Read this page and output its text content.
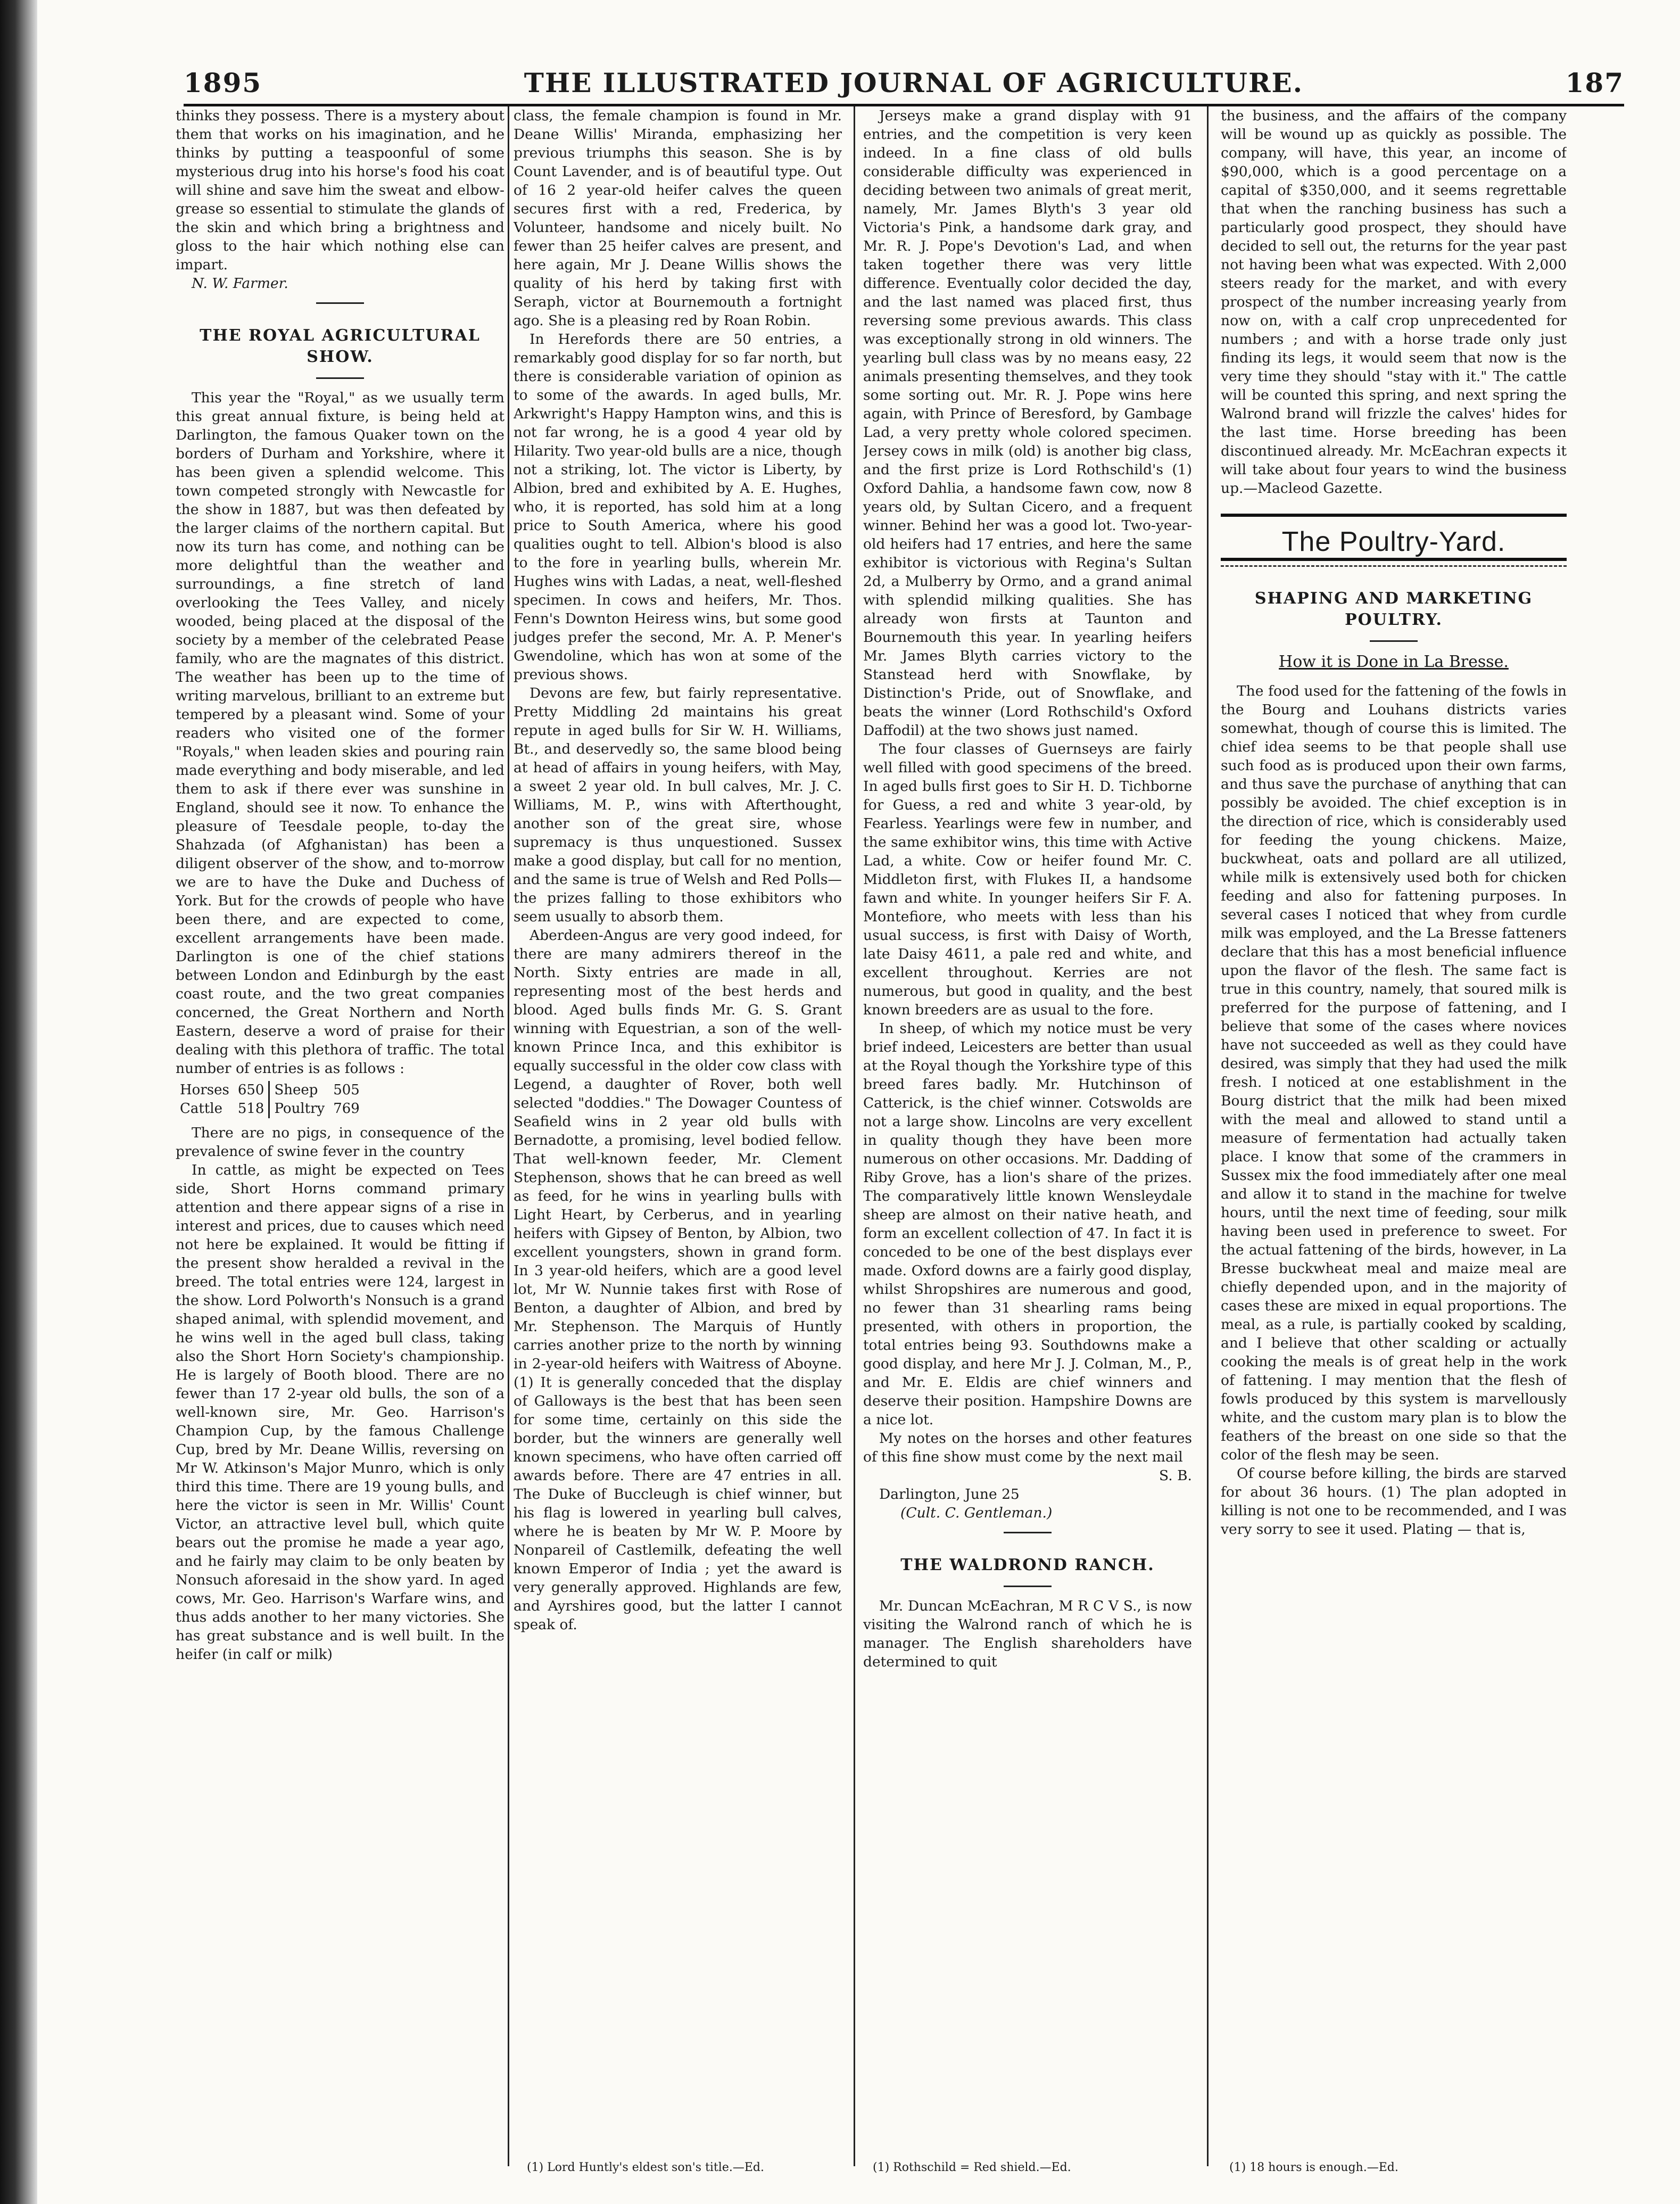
1895	THE ILLUSTRATED JOURNAL OF AGRICULTURE.	187

thinks they possess. There is a mystery about them that works on his imagination, and he thinks by putting a teaspoonful of some mysterious drug into his horse's food his coat will shine and save him the sweat and elbow-grease so essential to stimulate the glands of the skin and which bring a brightness and gloss to the hair which nothing else can impart.

N. W. Farmer.

THE ROYAL AGRICULTURAL SHOW.

This year the "Royal," as we usually term this great annual fixture, is being held at Darlington, the famous Quaker town on the borders of Durham and Yorkshire, where it has been given a splendid welcome. This town competed strongly with Newcastle for the show in 1887, but was then defeated by the larger claims of the northern capital. But now its turn has come, and nothing can be more delightful than the weather and surroundings, a fine stretch of land overlooking the Tees Valley, and nicely wooded, being placed at the disposal of the society by a member of the celebrated Pease family, who are the magnates of this district. The weather has been up to the time of writing marvelous, brilliant to an extreme but tempered by a pleasant wind. Some of your readers who visited one of the former "Royals," when leaden skies and pouring rain made everything and body miserable, and led them to ask if there ever was sunshine in England, should see it now. To enhance the pleasure of Teesdale people, to-day the Shahzada (of Afghanistan) has been a diligent observer of the show, and to-morrow we are to have the Duke and Duchess of York. But for the crowds of people who have been there, and are expected to come, excellent arrangements have been made. Darlington is one of the chief stations between London and Edinburgh by the east coast route, and the two great companies concerned, the Great Northern and North Eastern, deserve a word of praise for their dealing with this plethora of traffic. The total number of entries is as follows :

Horses	650	Sheep	505
Cattle	518	Poultry	769

There are no pigs, in consequence of the prevalence of swine fever in the country

In cattle, as might be expected on Tees side, Short Horns command primary attention and there appear signs of a rise in interest and prices, due to causes which need not here be explained. It would be fitting if the present show heralded a revival in the breed. The total entries were 124, largest in the show. Lord Polworth's Nonsuch is a grand shaped animal, with splendid movement, and he wins well in the aged bull class, taking also the Short Horn Society's championship. He is largely of Booth blood. There are no fewer than 17 2-year old bulls, the son of a well-known sire, Mr. Geo. Harrison's Champion Cup, by the famous Challenge Cup, bred by Mr. Deane Willis, reversing on Mr W. Atkinson's Major Munro, which is only third this time. There are 19 young bulls, and here the victor is seen in Mr. Willis' Count Victor, an attractive level bull, which quite bears out the promise he made a year ago, and he fairly may claim to be only beaten by Nonsuch aforesaid in the show yard. In aged cows, Mr. Geo. Harrison's Warfare wins, and thus adds another to her many victories. She has great substance and is well built. In the heifer (in calf or milk)

class, the female champion is found in Mr. Deane Willis' Miranda, emphasizing her previous triumphs this season. She is by Count Lavender, and is of beautiful type. Out of 16 2 year-old heifer calves the queen secures first with a red, Frederica, by Volunteer, handsome and nicely built. No fewer than 25 heifer calves are present, and here again, Mr J. Deane Willis shows the quality of his herd by taking first with Seraph, victor at Bournemouth a fortnight ago. She is a pleasing red by Roan Robin.

In Herefords there are 50 entries, a remarkably good display for so far north, but there is considerable variation of opinion as to some of the awards. In aged bulls, Mr. Arkwright's Happy Hampton wins, and this is not far wrong, he is a good 4 year old by Hilarity. Two year-old bulls are a nice, though not a striking, lot. The victor is Liberty, by Albion, bred and exhibited by A. E. Hughes, who, it is reported, has sold him at a long price to South America, where his good qualities ought to tell. Albion's blood is also to the fore in yearling bulls, wherein Mr. Hughes wins with Ladas, a neat, well-fleshed specimen. In cows and heifers, Mr. Thos. Fenn's Downton Heiress wins, but some good judges prefer the second, Mr. A. P. Mener's Gwendoline, which has won at some of the previous shows.

Devons are few, but fairly representative. Pretty Middling 2d maintains his great repute in aged bulls for Sir W. H. Williams, Bt., and deservedly so, the same blood being at head of affairs in young heifers, with May, a sweet 2 year old. In bull calves, Mr. J. C. Williams, M. P., wins with Afterthought, another son of the great sire, whose supremacy is thus unquestioned. Sussex make a good display, but call for no mention, and the same is true of Welsh and Red Polls—the prizes falling to those exhibitors who seem usually to absorb them.

Aberdeen-Angus are very good indeed, for there are many admirers thereof in the North. Sixty entries are made in all, representing most of the best herds and blood. Aged bulls finds Mr. G. S. Grant winning with Equestrian, a son of the well-known Prince Inca, and this exhibitor is equally successful in the older cow class with Legend, a daughter of Rover, both well selected "doddies." The Dowager Countess of Seafield wins in 2 year old bulls with Bernadotte, a promising, level bodied fellow. That well-known feeder, Mr. Clement Stephenson, shows that he can breed as well as feed, for he wins in yearling bulls with Light Heart, by Cerberus, and in yearling heifers with Gipsey of Benton, by Albion, two excellent youngsters, shown in grand form. In 3 year-old heifers, which are a good level lot, Mr W. Nunnie takes first with Rose of Benton, a daughter of Albion, and bred by Mr. Stephenson. The Marquis of Huntly carries another prize to the north by winning in 2-year-old heifers with Waitress of Aboyne. (1) It is generally conceded that the display of Galloways is the best that has been seen for some time, certainly on this side the border, but the winners are generally well known specimens, who have often carried off awards before. There are 47 entries in all. The Duke of Buccleugh is chief winner, but his flag is lowered in yearling bull calves, where he is beaten by Mr W. P. Moore by Nonpareil of Castlemilk, defeating the well known Emperor of India ; yet the award is very generally approved. Highlands are few, and Ayrshires good, but the latter I cannot speak of.

Jerseys make a grand display with 91 entries, and the competition is very keen indeed. In a fine class of old bulls considerable difficulty was experienced in deciding between two animals of great merit, namely, Mr. James Blyth's 3 year old Victoria's Pink, a handsome dark gray, and Mr. R. J. Pope's Devotion's Lad, and when taken together there was very little difference. Eventually color decided the day, and the last named was placed first, thus reversing some previous awards. This class was exceptionally strong in old winners. The yearling bull class was by no means easy, 22 animals presenting themselves, and they took some sorting out. Mr. R. J. Pope wins here again, with Prince of Beresford, by Gambage Lad, a very pretty whole colored specimen. Jersey cows in milk (old) is another big class, and the first prize is Lord Rothschild's (1) Oxford Dahlia, a handsome fawn cow, now 8 years old, by Sultan Cicero, and a frequent winner. Behind her was a good lot. Two-year-old heifers had 17 entries, and here the same exhibitor is victorious with Regina's Sultan 2d, a Mulberry by Ormo, and a grand animal with splendid milking qualities. She has already won firsts at Taunton and Bournemouth this year. In yearling heifers Mr. James Blyth carries victory to the Stanstead herd with Snowflake, by Distinction's Pride, out of Snowflake, and beats the winner (Lord Rothschild's Oxford Daffodil) at the two shows just named.

The four classes of Guernseys are fairly well filled with good specimens of the breed. In aged bulls first goes to Sir H. D. Tichborne for Guess, a red and white 3 year-old, by Fearless. Yearlings were few in number, and the same exhibitor wins, this time with Active Lad, a white. Cow or heifer found Mr. C. Middleton first, with Flukes II, a handsome fawn and white. In younger heifers Sir F. A. Montefiore, who meets with less than his usual success, is first with Daisy of Worth, late Daisy 4611, a pale red and white, and excellent throughout. Kerries are not numerous, but good in quality, and the best known breeders are as usual to the fore.

In sheep, of which my notice must be very brief indeed, Leicesters are better than usual at the Royal though the Yorkshire type of this breed fares badly. Mr. Hutchinson of Catterick, is the chief winner. Cotswolds are not a large show. Lincolns are very excellent in quality though they have been more numerous on other occasions. Mr. Dadding of Riby Grove, has a lion's share of the prizes. The comparatively little known Wensleydale sheep are almost on their native heath, and form an excellent collection of 47. In fact it is conceded to be one of the best displays ever made. Oxford downs are a fairly good display, whilst Shropshires are numerous and good, no fewer than 31 shearling rams being presented, with others in proportion, the total entries being 93. Southdowns make a good display, and here Mr J. J. Colman, M., P., and Mr. E. Eldis are chief winners and deserve their position. Hampshire Downs are a nice lot.

My notes on the horses and other features of this fine show must come by the next mail

S. B.

Darlington, June 25

(Cult. C. Gentleman.)

THE WALDROND RANCH.

Mr. Duncan McEachran, M R C V S., is now visiting the Walrond ranch of which he is manager. The English shareholders have determined to quit

the business, and the affairs of the company will be wound up as quickly as possible. The company, will have, this year, an income of $90,000, which is a good percentage on a capital of $350,000, and it seems regrettable that when the ranching business has such a particularly good prospect, they should have decided to sell out, the returns for the year past not having been what was expected. With 2,000 steers ready for the market, and with every prospect of the number increasing yearly from now on, with a calf crop unprecedented for numbers ; and with a horse trade only just finding its legs, it would seem that now is the very time they should "stay with it." The cattle will be counted this spring, and next spring the Walrond brand will frizzle the calves' hides for the last time. Horse breeding has been discontinued already. Mr. McEachran expects it will take about four years to wind the business up.—Macleod Gazette.

The Poultry-Yard.
SHAPING AND MARKETING POULTRY.
How it is Done in La Bresse.

The food used for the fattening of the fowls in the Bourg and Louhans districts varies somewhat, though of course this is limited. The chief idea seems to be that people shall use such food as is produced upon their own farms, and thus save the purchase of anything that can possibly be avoided. The chief exception is in the direction of rice, which is considerably used for feeding the young chickens. Maize, buckwheat, oats and pollard are all utilized, while milk is extensively used both for chicken feeding and also for fattening purposes. In several cases I noticed that whey from curdle milk was employed, and the La Bresse fatteners declare that this has a most beneficial influence upon the flavor of the flesh. The same fact is true in this country, namely, that soured milk is preferred for the purpose of fattening, and I believe that some of the cases where novices have not succeeded as well as they could have desired, was simply that they had used the milk fresh. I noticed at one establishment in the Bourg district that the milk had been mixed with the meal and allowed to stand until a measure of fermentation had actually taken place. I know that some of the crammers in Sussex mix the food immediately after one meal and allow it to stand in the machine for twelve hours, until the next time of feeding, sour milk having been used in preference to sweet. For the actual fattening of the birds, however, in La Bresse buckwheat meal and maize meal are chiefly depended upon, and in the majority of cases these are mixed in equal proportions. The meal, as a rule, is partially cooked by scalding, and I believe that other scalding or actually cooking the meals is of great help in the work of fattening. I may mention that the flesh of fowls produced by this system is marvellously white, and the custom mary plan is to blow the feathers of the breast on one side so that the color of the flesh may be seen.

Of course before killing, the birds are starved for about 36 hours. (1) The plan adopted in killing is not one to be recommended, and I was very sorry to see it used. Plating — that is,

(1) Lord Huntly's eldest son's title.—Ed.	(1) Rothschild = Red shield.—Ed.	(1) 18 hours is enough.—Ed.
